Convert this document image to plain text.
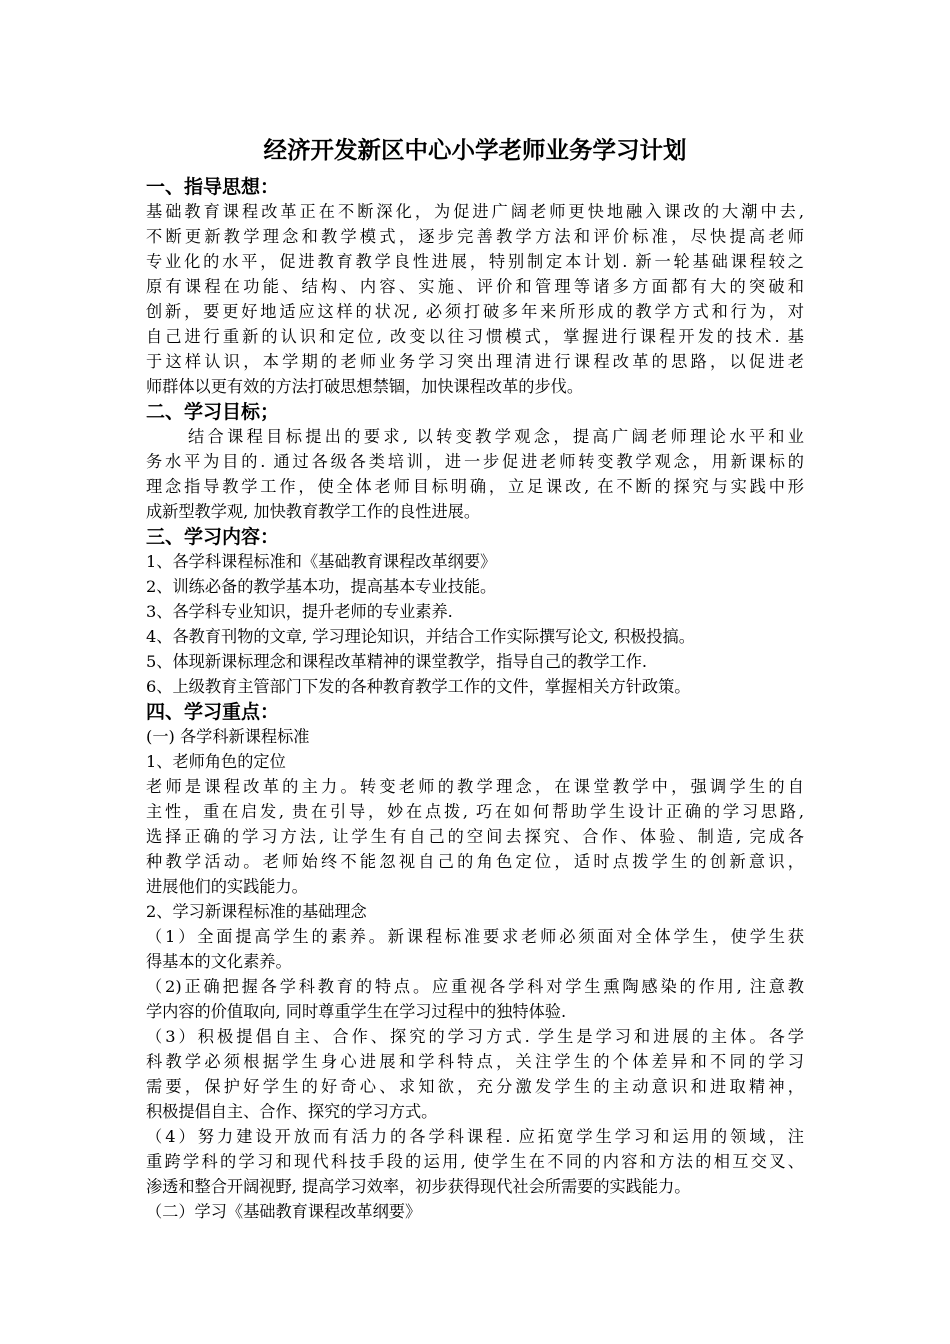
经济开发新区中心小学老师业务学习计划
一、指导思想：
基础教育课程改革正在不断深化，为促进广阔老师更快地融入课改的大潮中去,
不断更新教学理念和教学模式，逐步完善教学方法和评价标准，尽快提高老师
专业化的水平，促进教育教学良性进展，特别制定本计划. 新一轮基础课程较之
原有课程在功能、结构、内容、实施、评价和管理等诸多方面都有大的突破和
创新，要更好地适应这样的状况, 必须打破多年来所形成的教学方式和行为，对
自己进行重新的认识和定位, 改变以往习惯模式，掌握进行课程开发的技术. 基
于这样认识，本学期的老师业务学习突出理清进行课程改革的思路，以促进老
师群体以更有效的方法打破思想禁锢，加快课程改革的步伐。
二、学习目标；
结合课程目标提出的要求, 以转变教学观念，提高广阔老师理论水平和业
务水平为目的. 通过各级各类培训，进一步促进老师转变教学观念，用新课标的
理念指导教学工作，使全体老师目标明确，立足课改, 在不断的探究与实践中形
成新型教学观, 加快教育教学工作的良性进展。
三、学习内容：
1、各学科课程标准和《基础教育课程改革纲要》
2、训练必备的教学基本功，提高基本专业技能。
3、各学科专业知识，提升老师的专业素养.
4、各教育刊物的文章, 学习理论知识，并结合工作实际撰写论文, 积极投搞。
5、体现新课标理念和课程改革精神的课堂教学，指导自己的教学工作.
6、上级教育主管部门下发的各种教育教学工作的文件，掌握相关方针政策。
四、学习重点：
(一) 各学科新课程标准
1、老师角色的定位
老师是课程改革的主力。转变老师的教学理念，在课堂教学中，强调学生的自
主性，重在启发, 贵在引导，妙在点拨, 巧在如何帮助学生设计正确的学习思路,
选择正确的学习方法, 让学生有自己的空间去探究、合作、体验、制造, 完成各
种教学活动。老师始终不能忽视自己的角色定位，适时点拨学生的创新意识，
进展他们的实践能力。
2、学习新课程标准的基础理念
（1）全面提高学生的素养。新课程标准要求老师必须面对全体学生，使学生获
得基本的文化素养。
（2)正确把握各学科教育的特点。应重视各学科对学生熏陶感染的作用, 注意教
学内容的价值取向, 同时尊重学生在学习过程中的独特体验.
（3）积极提倡自主、合作、探究的学习方式. 学生是学习和进展的主体。各学
科教学必须根据学生身心进展和学科特点，关注学生的个体差异和不同的学习
需要，保护好学生的好奇心、求知欲，充分激发学生的主动意识和进取精神，
积极提倡自主、合作、探究的学习方式。
（4）努力建设开放而有活力的各学科课程. 应拓宽学生学习和运用的领域，注
重跨学科的学习和现代科技手段的运用, 使学生在不同的内容和方法的相互交叉、
渗透和整合开阔视野, 提高学习效率，初步获得现代社会所需要的实践能力。
（二）学习《基础教育课程改革纲要》
